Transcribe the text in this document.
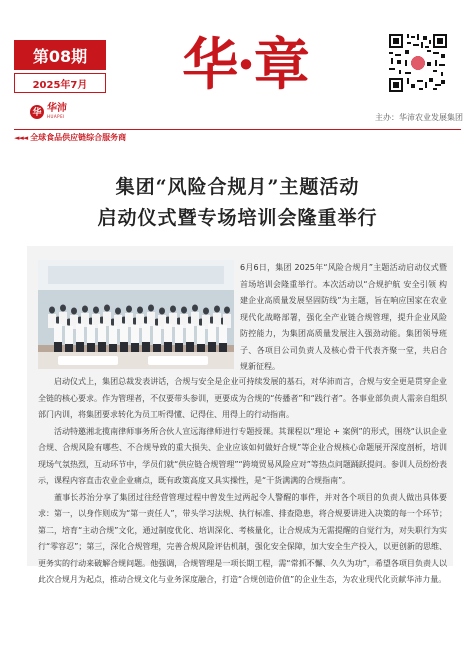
第08期
2025年7月
华 华沛
HUAPEI
华·章
主办：华沛农业发展集团
◄◄◄ 全球食品供应链综合服务商
集团“风险合规月”主题活动
启动仪式暨专场培训会隆重举行

6月6日，集团 2025年“风险合规月”主题活动启动仪式暨首场培训会隆重举行。本次活动以“合规护航 安全引领 构建企业高质量发展坚固防线”为主题，旨在响应国家在农业现代化战略部署，强化全产业链合规管理，提升企业风险防控能力，为集团高质量发展注入强劲动能。集团领导班子、各项目公司负责人及核心骨干代表齐聚一堂，共启合规新征程。

启动仪式上，集团总裁发表讲话，合规与安全是企业可持续发展的基石，对华沛而言，合规与安全更是贯穿企业全链的核心要求。作为管理者，不仅要带头参训，更要成为合规的“传播者”和“践行者”。各事业部负责人需亲自组织部门内训，将集团要求转化为员工听得懂、记得住、用得上的行动指南。

活动特邀湘北揽南律师事务所合伙人宣远海律师进行专题授课。其课程以“理论 + 案例”的形式，围绕“认识企业合规、合规风险有哪些、不合规导致的重大损失、企业应该如何做好合规”等企业合规核心命题展开深度剖析，培训现场气氛热烈，互动环节中，学员们就“供应链合规管理”“跨境贸易风险应对”等热点问题踊跃提问。参训人员纷纷表示，课程内容直击农业企业痛点，既有政策高度又具实操性，是“干货满满的合规指南”。

董事长苏治分享了集团过往经营管理过程中曾发生过两起令人警醒的事件，并对各个项目的负责人做出具体要求：第一，以身作则成为“第一责任人”，带头学习法规、执行标准、排查隐患，将合规要讲进入决策的每一个环节；第二，培育“主动合规”文化，通过制度优化、培训深化、考核量化，让合规成为无需提醒的自觉行为，对失职行为实行“零容忍”；第三，深化合规管理，完善合规风险评估机制，强化安全保障，加大安全生产投入，以更创新的思维、更务实的行动来破解合规问题。他强调，合规管理是一项长期工程，需“常抓不懈、久久为功”，希望各项目负责人以此次合规月为起点，推动合规文化与业务深度融合，打造“合规创造价值”的企业生态，为农业现代化贡献华沛力量。
